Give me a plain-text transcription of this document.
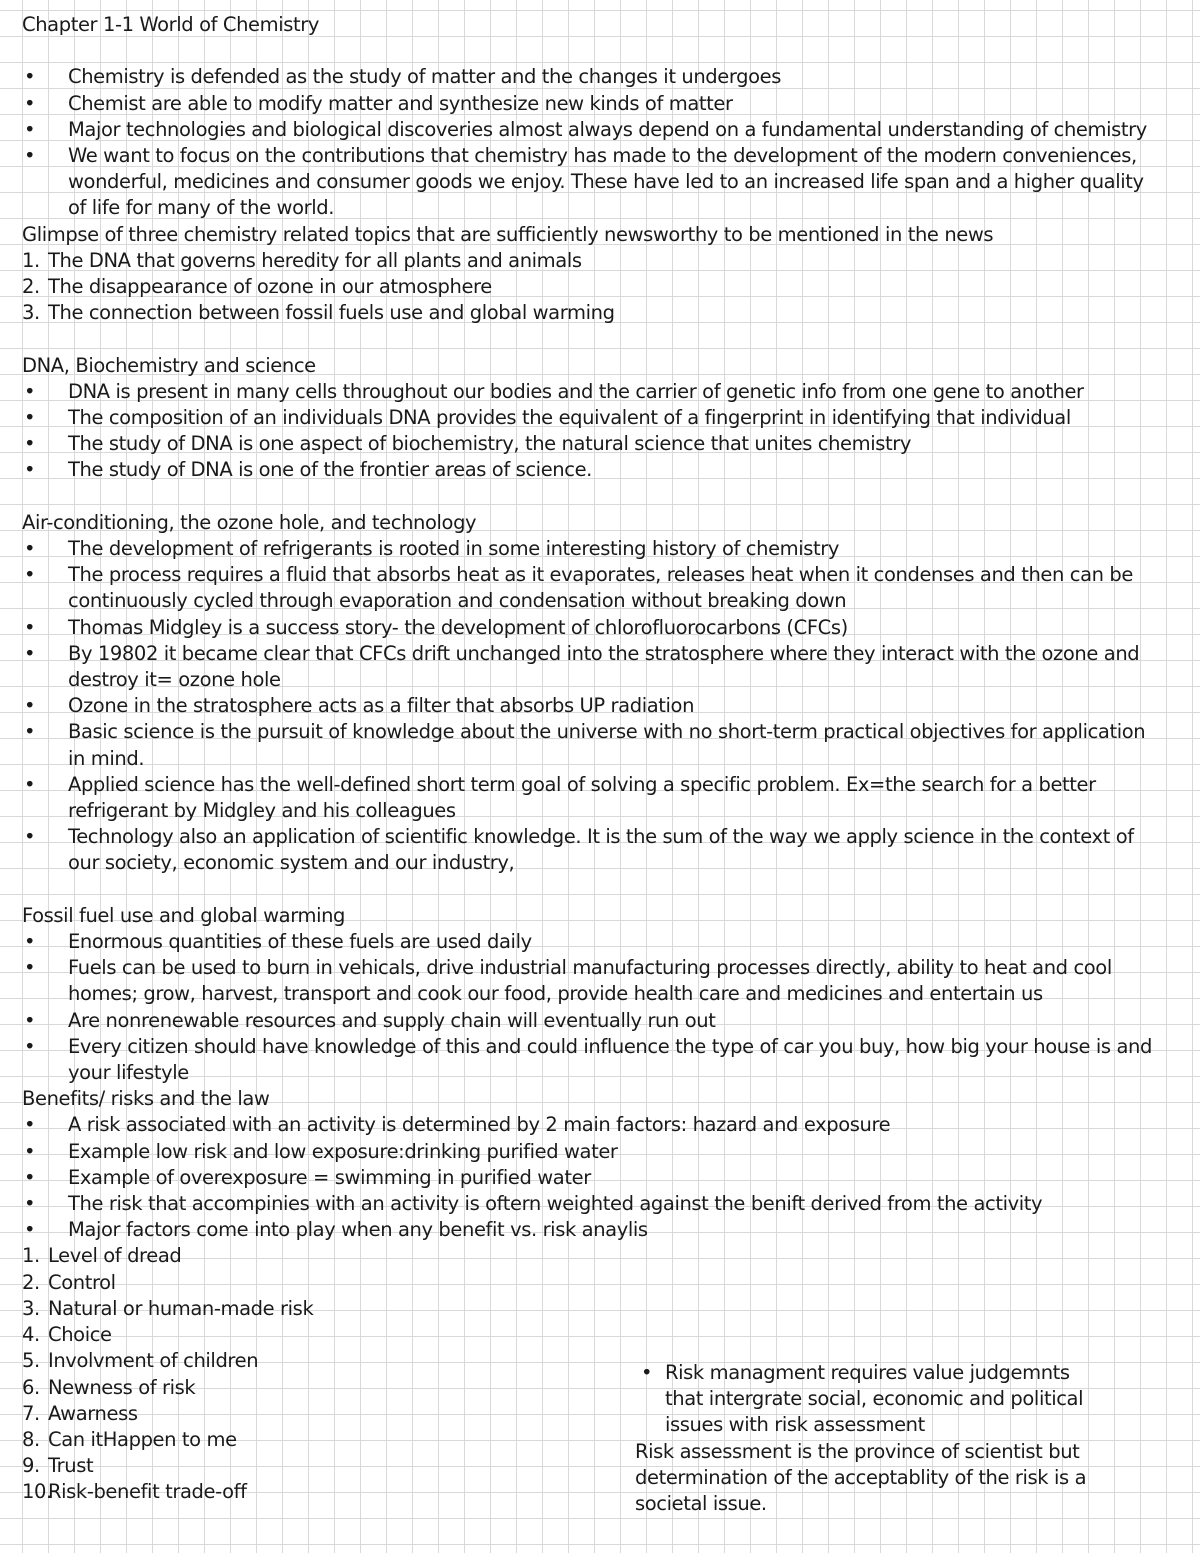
Chapter 1-1 World of Chemistry
• Chemistry is defended as the study of matter and the changes it undergoes
• Chemist are able to modify matter and synthesize new kinds of matter
• Major technologies and biological discoveries almost always depend on a fundamental understanding of chemistry
• We want to focus on the contributions that chemistry has made to the development of the modern conveniences, wonderful, medicines and consumer goods we enjoy. These have led to an increased life span and a higher quality of life for many of the world.
Glimpse of three chemistry related topics that are sufficiently newsworthy to be mentioned in the news
1. The DNA that governs heredity for all plants and animals
2. The disappearance of ozone in our atmosphere
3. The connection between fossil fuels use and global warming
DNA, Biochemistry and science
• DNA is present in many cells throughout our bodies and the carrier of genetic info from one gene to another
• The composition of an individuals DNA provides the equivalent of a fingerprint in identifying that individual
• The study of DNA is one aspect of biochemistry, the natural science that unites chemistry
• The study of DNA is one of the frontier areas of science.
Air-conditioning, the ozone hole, and technology
• The development of refrigerants is rooted in some interesting history of chemistry
• The process requires a fluid that absorbs heat as it evaporates, releases heat when it condenses and then can be continuously cycled through evaporation and condensation without breaking down
• Thomas Midgley is a success story- the development of chlorofluorocarbons (CFCs)
• By 19802 it became clear that CFCs drift unchanged into the stratosphere where they interact with the ozone and destroy it= ozone hole
• Ozone in the stratosphere acts as a filter that absorbs UP radiation
• Basic science is the pursuit of knowledge about the universe with no short-term practical objectives for application in mind.
• Applied science has the well-defined short term goal of solving a specific problem. Ex=the search for a better refrigerant by Midgley and his colleagues
• Technology also an application of scientific knowledge. It is the sum of the way we apply science in the context of our society, economic system and our industry,
Fossil fuel use and global warming
• Enormous quantities of these fuels are used daily
• Fuels can be used to burn in vehicals, drive industrial manufacturing processes directly, ability to heat and cool homes; grow, harvest, transport and cook our food, provide health care and medicines and entertain us
• Are nonrenewable resources and supply chain will eventually run out
• Every citizen should have knowledge of this and could influence the type of car you buy, how big your house is and your lifestyle
Benefits/ risks and the law
• A risk associated with an activity is determined by 2 main factors: hazard and exposure
• Example low risk and low exposure:drinking purified water
• Example of overexposure = swimming in purified water
• The risk that accompinies with an activity is oftern weighted against the benift derived from the activity
• Major factors come into play when any benefit vs. risk anaylis
1. Level of dread
2. Control
3. Natural or human-made risk
4. Choice
5. Involvment of children
6. Newness of risk
7. Awarness
8. Can itHappen to me
9. Trust
10.
Risk-benefit trade-off
• Risk managment requires value judgemnts that intergrate social, economic and political issues with risk assessment
Risk assessment is the province of scientist but determination of the acceptablity of the risk is a societal issue.
